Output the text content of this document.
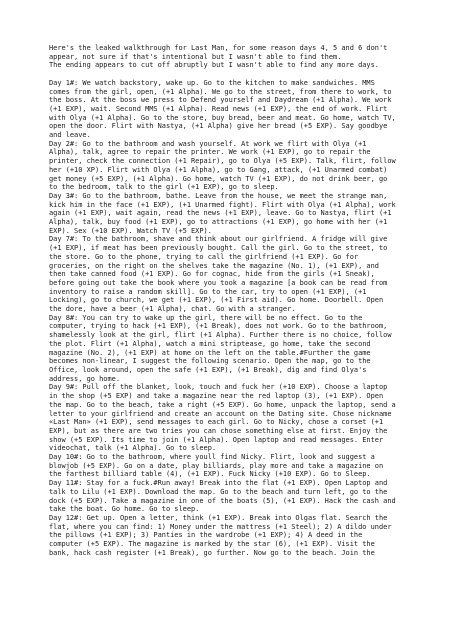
Here's the leaked walkthrough for Last Man, for some reason days 4, 5 and 6 don't
appear, not sure if that's intentional but I wasn't able to find them.
The ending appears to cut off abruptly but I wasn't able to find any more days.
Day 1#: We watch backstory, wake up. Go to the kitchen to make sandwiches. MMS
comes from the girl, open, (+1 Alpha). We go to the street, from there to work, to
the boss. At the boss we press to Defend yourself and Daydream (+1 Alpha). We work
(+1 EXP), wait. Second MMS (+1 Alpha). Read news (+1 EXP), the end of work. Flirt
with Olya (+1 Alpha). Go to the store, buy bread, beer and meat. Go home, watch TV,
open the door. Flirt with Nastya, (+1 Alpha) give her bread (+5 EXP). Say goodbye
and leave.
Day 2#: Go to the bathroom and wash yourself. At work we flirt with Olya (+1
Alpha), talk, agree to repair the printer. We work (+1 EXP), go to repair the
printer, check the connection (+1 Repair), go to Olya (+5 EXP). Talk, flirt, follow
her (+10 XP). Flirt with Olya (+1 Alpha), go to Gang, attack, (+1 Unarmed combat)
get money (+5 EXP), (+1 Alpha). Go home, watch TV (+1 EXP), do not drink beer, go
to the bedroom, talk to the girl (+1 EXP), go to sleep.
Day 3#: Go to the bathroom, bathe. Leave from the house, we meet the strange man,
kick him in the face (+1 EXP), (+1 Unarmed fight). Flirt with Olya (+1 Alpha), work
again (+1 EXP), wait again, read the news (+1 EXP), leave. Go to Nastya, flirt (+1
Alpha), talk, buy food (+1 EXP), go to attractions (+1 EXP), go home with her (+1
EXP). Sex (+10 EXP). Watch TV (+5 EXP).
Day 7#: To the bathroom, shave and think about our girlfriend. A fridge will give
(+1 EXP), if meat has been previously bought. Call the girl. Go to the street, to
the store. Go to the phone, trying to call the girlfriend (+1 EXP). Go for
groceries, on the right on the shelves take the magazine (No. 1), (+1 EXP), and
then take canned food (+1 EXP). Go for cognac, hide from the girls (+1 Sneak),
before going out take the book where you took a magazine [a book can be read from
inventory to raise a random skill]. Go to the car, try to open (+1 EXP), (+1
Locking), go to church, we get (+1 EXP), (+1 First aid). Go home. Doorbell. Open
the dore, have a beer (+1 Alpha), chat. Go with a stranger.
Day 8#: You can try to wake up the girl, there will be no effect. Go to the
computer, trying to hack (+1 EXP), (+1 Break), does not work. Go to the bathroom,
shamelessly look at the girl, flirt (+1 Alpha). Further there is no choice, follow
the plot. Flirt (+1 Alpha), watch a mini striptease, go home, take the second
magazine (No. 2), (+1 EXP) at home on the left on the table.#Further the game
becomes non-linear, I suggest the following scenario. Open the map, go to the
Office, look around, open the safe (+1 EXP), (+1 Break), dig and find Olya's
address, go home.
Day 9#: Pull off the blanket, look, touch and fuck her (+10 EXP). Choose a laptop
in the shop (+5 EXP) and take a magazine near the red laptop (3), (+1 EXP). Open
the map. Go to the beach, take a right (+5 EXP). Go home, unpack the laptop, send a
letter to your girlfriend and create an account on the Dating site. Chose nickname
«Last Man» (+1 EXP), send messages to each girl. Go to Nicky, chose a corset (+1
EXP), but as there are two tries you can chose something else at first. Enjoy the
show (+5 EXP). Its time to join (+1 Alpha). Open laptop and read messages. Enter
videochat, talk (+1 Alpha). Go to sleep.
Day 10#: Go to the bathroom, where youll find Nicky. Flirt, look and suggest a
blowjob (+5 EXP). Go on a date, play billiards, play more and take a magazine on
the farthest billiard table (4), (+1 EXP). Fuck Nicky (+10 EXP). Go to Sleep.
Day 11#: Stay for a fuck.#Run away! Break into the flat (+1 EXP). Open Laptop and
talk to Lilu (+1 EXP). Download the map. Go to the beach and turn left, go to the
dock (+5 EXP). Take a magazine in one of the boats (5), (+1 EXP). Hack the cash and
take the boat. Go home. Go to sleep.
Day 12#: Get up. Open a letter, think (+1 EXP). Break into Olgas flat. Search the
flat, where you can find: 1) Money under the mattress (+1 Steel); 2) A dildo under
the pillows (+1 EXP); 3) Panties in the wardrobe (+1 EXP); 4) A deed in the
computer (+5 EXP). The magazine is marked by the star (6), (+1 EXP). Visit the
bank, hack cash register (+1 Break), go further. Now go to the beach. Join the
